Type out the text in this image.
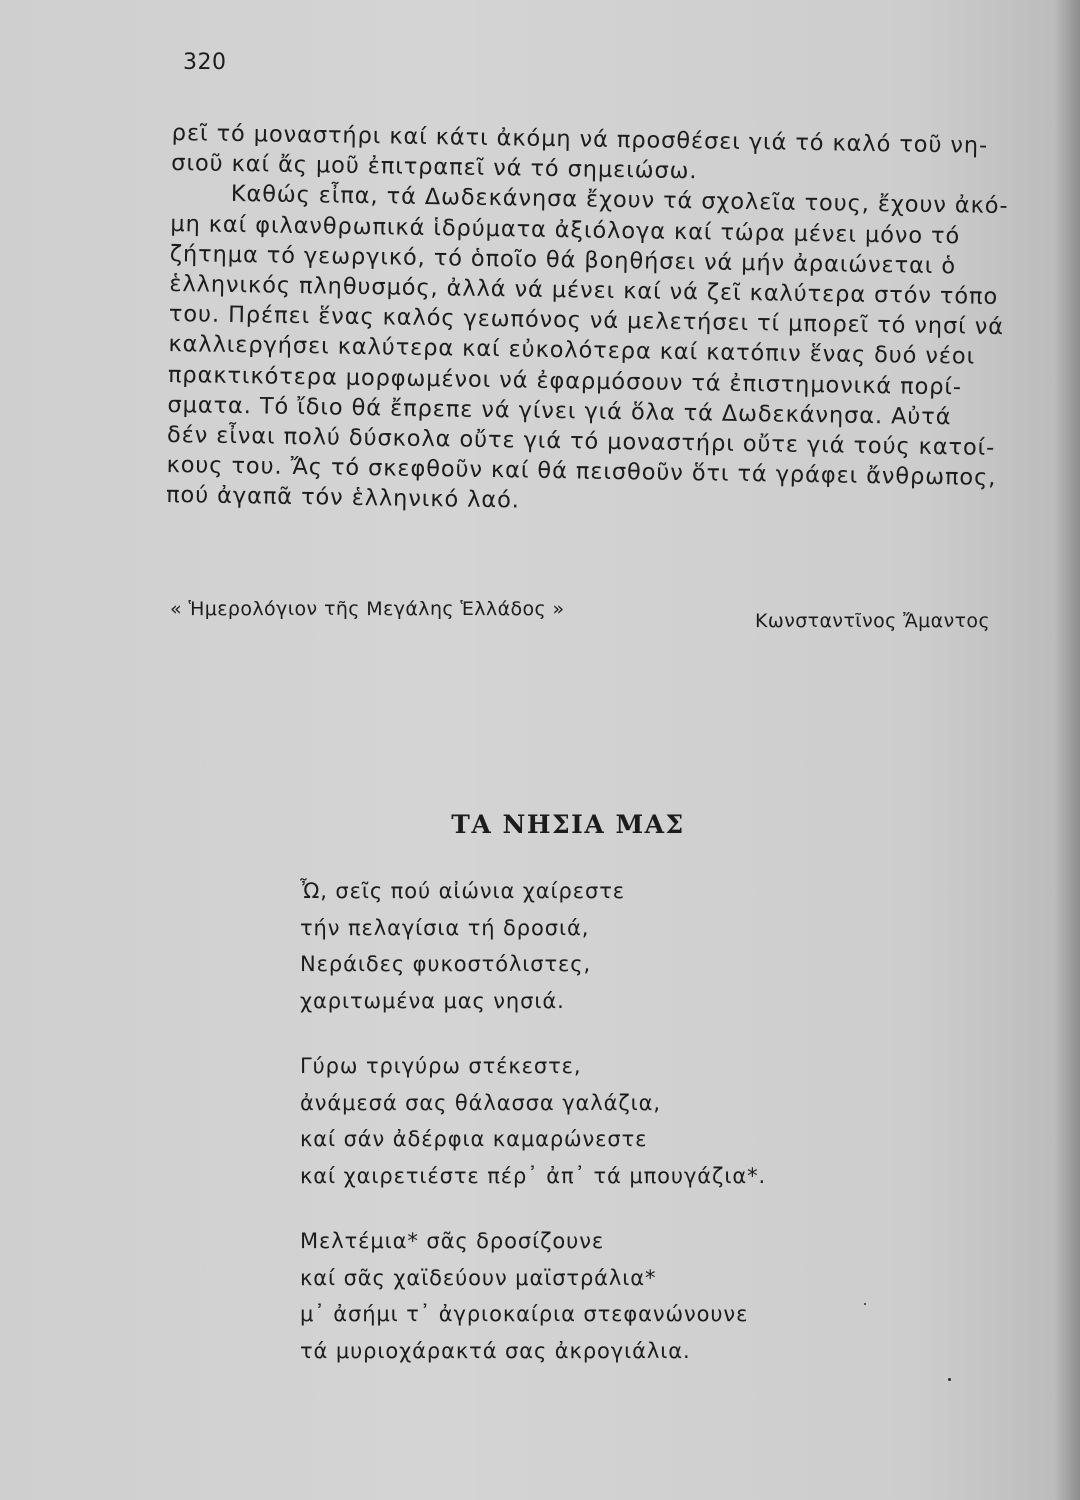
320

ρεῖ τό μοναστήρι καί κάτι ἀκόμη νά προσθέσει γιά τό καλό τοῦ νη-

σιοῦ καί ἄς μοῦ ἐπιτραπεῖ νά τό σημειώσω.

Καθώς εἶπα, τά Δωδεκάνησα ἔχουν τά σχολεῖα τους, ἔχουν ἀκό-

μη καί φιλανθρωπικά ἱδρύματα ἀξιόλογα καί τώρα μένει μόνο τό

ζήτημα τό γεωργικό, τό ὁποῖο θά βοηθήσει νά μήν ἀραιώνεται ὁ

ἑλληνικός πληθυσμός, ἀλλά νά μένει καί νά ζεῖ καλύτερα στόν τόπο

του. Πρέπει ἕνας καλός γεωπόνος νά μελετήσει τί μπορεῖ τό νησί νά

καλλιεργήσει καλύτερα καί εὐκολότερα καί κατόπιν ἕνας δυό νέοι

πρακτικότερα μορφωμένοι νά ἐφαρμόσουν τά ἐπιστημονικά πορί-

σματα. Τό ἴδιο θά ἔπρεπε νά γίνει γιά ὅλα τά Δωδεκάνησα. Αὐτά

δέν εἶναι πολύ δύσκολα οὔτε γιά τό μοναστήρι οὔτε γιά τούς κατοί-

κους του. Ἄς τό σκεφθοῦν καί θά πεισθοῦν ὅτι τά γράφει ἄνθρωπος,

πού ἀγαπᾶ τόν ἑλληνικό λαό.

« Ἡμερολόγιον τῆς Μεγάλης Ἑλλάδος »
Κωνσταντῖνος Ἄμαντος
ΤΑ ΝΗΣΙΑ ΜΑΣ
Ὦ, σεῖς πού αἰώνια χαίρεστε
τήν πελαγίσια τή δροσιά,
Νεράιδες φυκοστόλιστες,
χαριτωμένα μας νησιά.
Γύρω τριγύρω στέκεστε,
ἀνάμεσά σας θάλασσα γαλάζια,
καί σάν ἀδέρφια καμαρώνεστε
καί χαιρετιέστε πέρ᾽ ἀπ᾽ τά μπουγάζια*.
Μελτέμια* σᾶς δροσίζουνε
καί σᾶς χαϊδεύουν μαϊστράλια*
μ᾽ ἀσήμι τ᾽ ἀγριοκαίρια στεφανώνουνε
τά μυριοχάρακτά σας ἀκρογιάλια.
